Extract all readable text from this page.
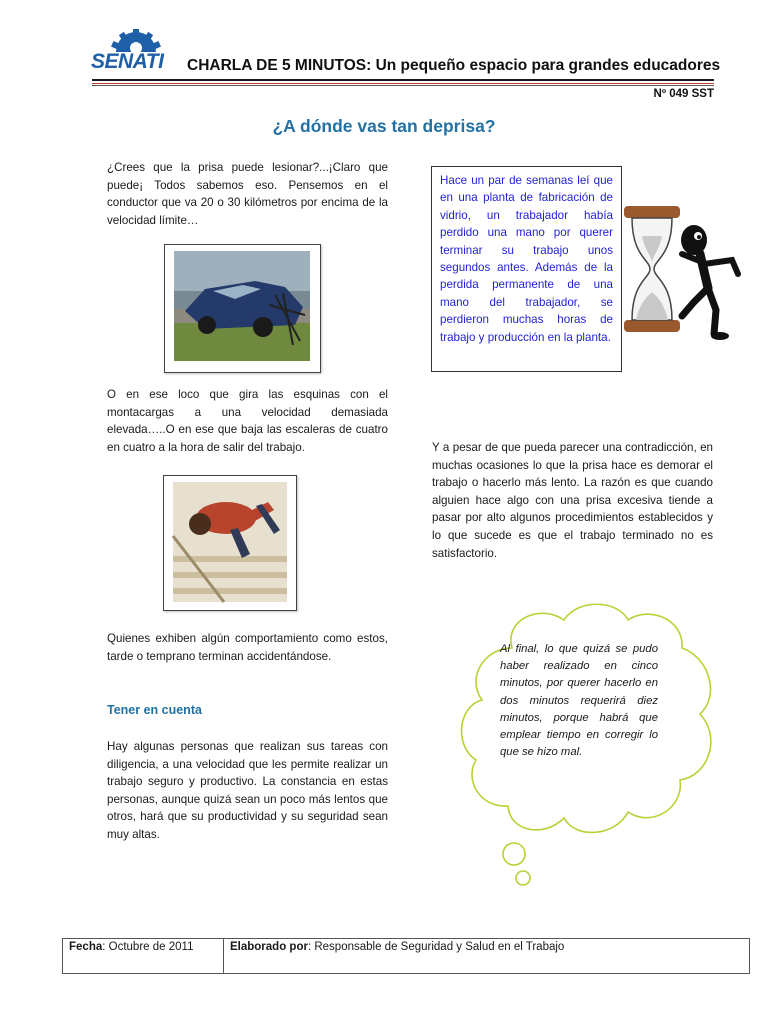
SENATI CHARLA DE 5 MINUTOS: Un pequeño espacio para grandes educadores
Nº 049 SST
¿A dónde vas tan deprisa?
¿Crees que la prisa puede lesionar?...¡Claro que puede¡ Todos sabemos eso. Pensemos en el conductor que va 20 o 30 kilómetros por encima de la velocidad límite…
O en ese loco que gira las esquinas con el montacargas a una velocidad demasiada elevada…..O en ese que baja las escaleras de cuatro en cuatro a la hora de salir del trabajo.
Quienes exhiben algún comportamiento como estos, tarde o temprano terminan accidentándose.
Tener en cuenta
Hay algunas personas que realizan sus tareas con diligencia, a una velocidad que les permite realizar un trabajo seguro y productivo. La constancia en estas personas, aunque quizá sean un poco más lentos que otros, hará que su productividad y su seguridad sean muy altas.
Hace un par de semanas leí que en una planta de fabricación de vidrio, un trabajador había perdido una mano por querer terminar su trabajo unos segundos antes. Además de la perdida permanente de una mano del trabajador, se perdieron muchas horas de trabajo y producción en la planta.
Y a pesar de que pueda parecer una contradicción, en muchas ocasiones lo que la prisa hace es demorar el trabajo o hacerlo más lento. La razón es que cuando alguien hace algo con una prisa excesiva tiende a pasar por alto algunos procedimientos establecidos y lo que sucede es que el trabajo terminado no es satisfactorio.
Al final, lo que quizá se pudo haber realizado en cinco minutos, por querer hacerlo en dos minutos requerirá diez minutos, porque habrá que emplear tiempo en corregir lo que se hizo mal.
Fecha: Octubre de 2011	Elaborado por: Responsable de Seguridad y Salud en el Trabajo
